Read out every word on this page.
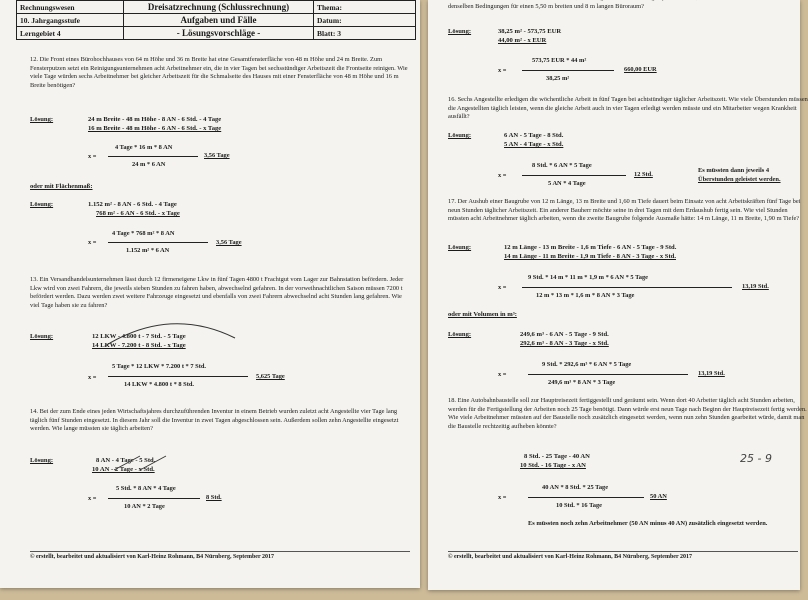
Rechnungswesen	Dreisatzrechnung (Schlussrechnung)	Thema:
10. Jahrgangsstufe	Aufgaben und Fälle	Datum:
Lerngebiet 4	- Lösungsvorschläge -	Blatt: 3

12. Die Front eines Bürohochhauses von 64 m Höhe und 36 m Breite hat eine Gesamtfensterfläche von 48 m Höhe und 24 m Breite. Zum Fensterputzen setzt ein Reinigungsunternehmen acht Arbeitnehmer ein, die in vier Tagen bei sechsstündiger Arbeitszeit die Frontseite reinigen. Wie viele Tage würden sechs Arbeitnehmer bei gleicher Arbeitszeit für die Schmalseite des Hauses mit einer Fensterfläche von 48 m Höhe und 16 m Breite benötigen?

Lösung:	24 m Breite - 48 m Höhe - 8 AN - 6 Std. - 4 Tage
16 m Breite - 48 m Höhe - 6 AN - 6 Std. - x Tage
x =
4 Tage * 16 m * 8 AN
24 m * 6 AN
3,56 Tage
oder mit Flächenmaß:
Lösung:	1.152 m² - 8 AN - 6 Std. - 4 Tage
768 m² - 6 AN - 6 Std. - x Tage
x =
4 Tage * 768 m² * 8 AN
1.152 m² * 6 AN
3,56 Tage

13. Ein Versandhandelsunternehmen lässt durch 12 firmeneigene Lkw in fünf Tagen 4800 t Frachtgut vom Lager zur Bahnstation befördern. Jeder Lkw wird von zwei Fahrern, die jeweils sieben Stunden zu fahren haben, abwechselnd gefahren. In der vorweihnachtlichen Saison müssen 7200 t befördert werden. Dazu werden zwei weitere Fahrzeuge eingesetzt und ebenfalls von zwei Fahrern abwechselnd acht Stunden lang gefahren. Wie viel Tage haben sie zu fahren?

Lösung:	12 LKW - 4.800 t - 7 Std. - 5 Tage
14 LKW - 7.200 t - 8 Std. - x Tage
x =
5 Tage * 12 LKW * 7.200 t * 7 Std.
14 LKW * 4.800 t * 8 Std.
5,625 Tage

14. Bei der zum Ende eines jeden Wirtschaftsjahres durchzuführenden Inventur in einem Betrieb wurden zuletzt acht Angestellte vier Tage lang täglich fünf Stunden eingesetzt. In diesem Jahr soll die Inventur in zwei Tagen abgeschlossen sein. Außerdem sollen zehn Angestellte eingesetzt werden. Wie lange müssten sie täglich arbeiten?

Lösung:	8 AN - 4 Tage - 5 Std.
10 AN - 2 Tage - x Std.
x =
5 Std. * 8 AN * 4 Tage
10 AN * 2 Tage
8 Std.
© erstellt, bearbeitet und aktualisiert von Karl-Heinz Rohmann, B4 Nürnberg, September 2017

denselben Bedingungen für einen 5,50 m breiten und 8 m langen Büroraum?

Lösung:	38,25 m² - 573,75 EUR
44,00 m² - x EUR
x =
573,75 EUR * 44 m²
38,25 m²
660,00 EUR

16. Sechs Angestellte erledigen die wöchentliche Arbeit in fünf Tagen bei achtstündiger täglicher Arbeitszeit. Wie viele Überstunden müssen die Angestellten täglich leisten, wenn die gleiche Arbeit auch in vier Tagen erledigt werden müsste und ein Mitarbeiter wegen Krankheit ausfällt?

Lösung:	6 AN - 5 Tage - 8 Std.
5 AN - 4 Tage - x Std.
x =
8 Std. * 6 AN * 5 Tage
5 AN * 4 Tage
12 Std.
Es müssten dann jeweils 4
Überstunden geleistet werden.

17. Der Aushub einer Baugrube von 12 m Länge, 13 m Breite und 1,60 m Tiefe dauert beim Einsatz von acht Arbeitskräften fünf Tage bei neun Stunden täglicher Arbeitszeit. Ein anderer Bauherr möchte seine in drei Tagen mit dem Erdaushub fertig sein. Wie viel Stunden müssten acht Arbeitnehmer täglich arbeiten, wenn die zweite Baugrube folgende Ausmaße hätte: 14 m Länge, 11 m Breite, 1,90 m Tiefe?

Lösung:	12 m Länge - 13 m Breite - 1,6 m Tiefe - 6 AN - 5 Tage - 9 Std.
14 m Länge - 11 m Breite - 1,9 m Tiefe - 8 AN - 3 Tage - x Std.
x =
9 Std. * 14 m * 11 m * 1,9 m * 6 AN * 5 Tage
12 m * 13 m * 1,6 m * 8 AN * 3 Tage
13,19 Std.
oder mit Volumen in m³:
Lösung:	249,6 m³ - 6 AN - 5 Tage - 9 Std.
292,6 m³ - 8 AN - 3 Tage - x Std.
x =
9 Std. * 292,6 m³ * 6 AN * 5 Tage
249,6 m³ * 8 AN * 3 Tage
13,19 Std.

18. Eine Autobahnbaustelle soll zur Hauptreisezeit fertiggestellt und geräumt sein. Wenn dort 40 Arbeiter täglich acht Stunden arbeiten, werden für die Fertigstellung der Arbeiten noch 25 Tage benötigt. Dann würde erst neun Tage nach Beginn der Hauptreisezeit fertig werden. Wie viele Arbeitnehmer müssten auf der Baustelle noch zusätzlich eingesetzt werden, wenn nun zehn Stunden gearbeitet würde, damit man die Baustelle rechtzeitig aufheben könnte?

8 Std. - 25 Tage - 40 AN
10 Std. - 16 Tage - x AN
25 - 9
x =
40 AN * 8 Std. * 25 Tage
10 Std. * 16 Tage
50 AN
Es müssten noch zehn Arbeitnehmer (50 AN minus 40 AN) zusätzlich eingesetzt werden.
© erstellt, bearbeitet und aktualisiert von Karl-Heinz Rohmann, B4 Nürnberg, September 2017
